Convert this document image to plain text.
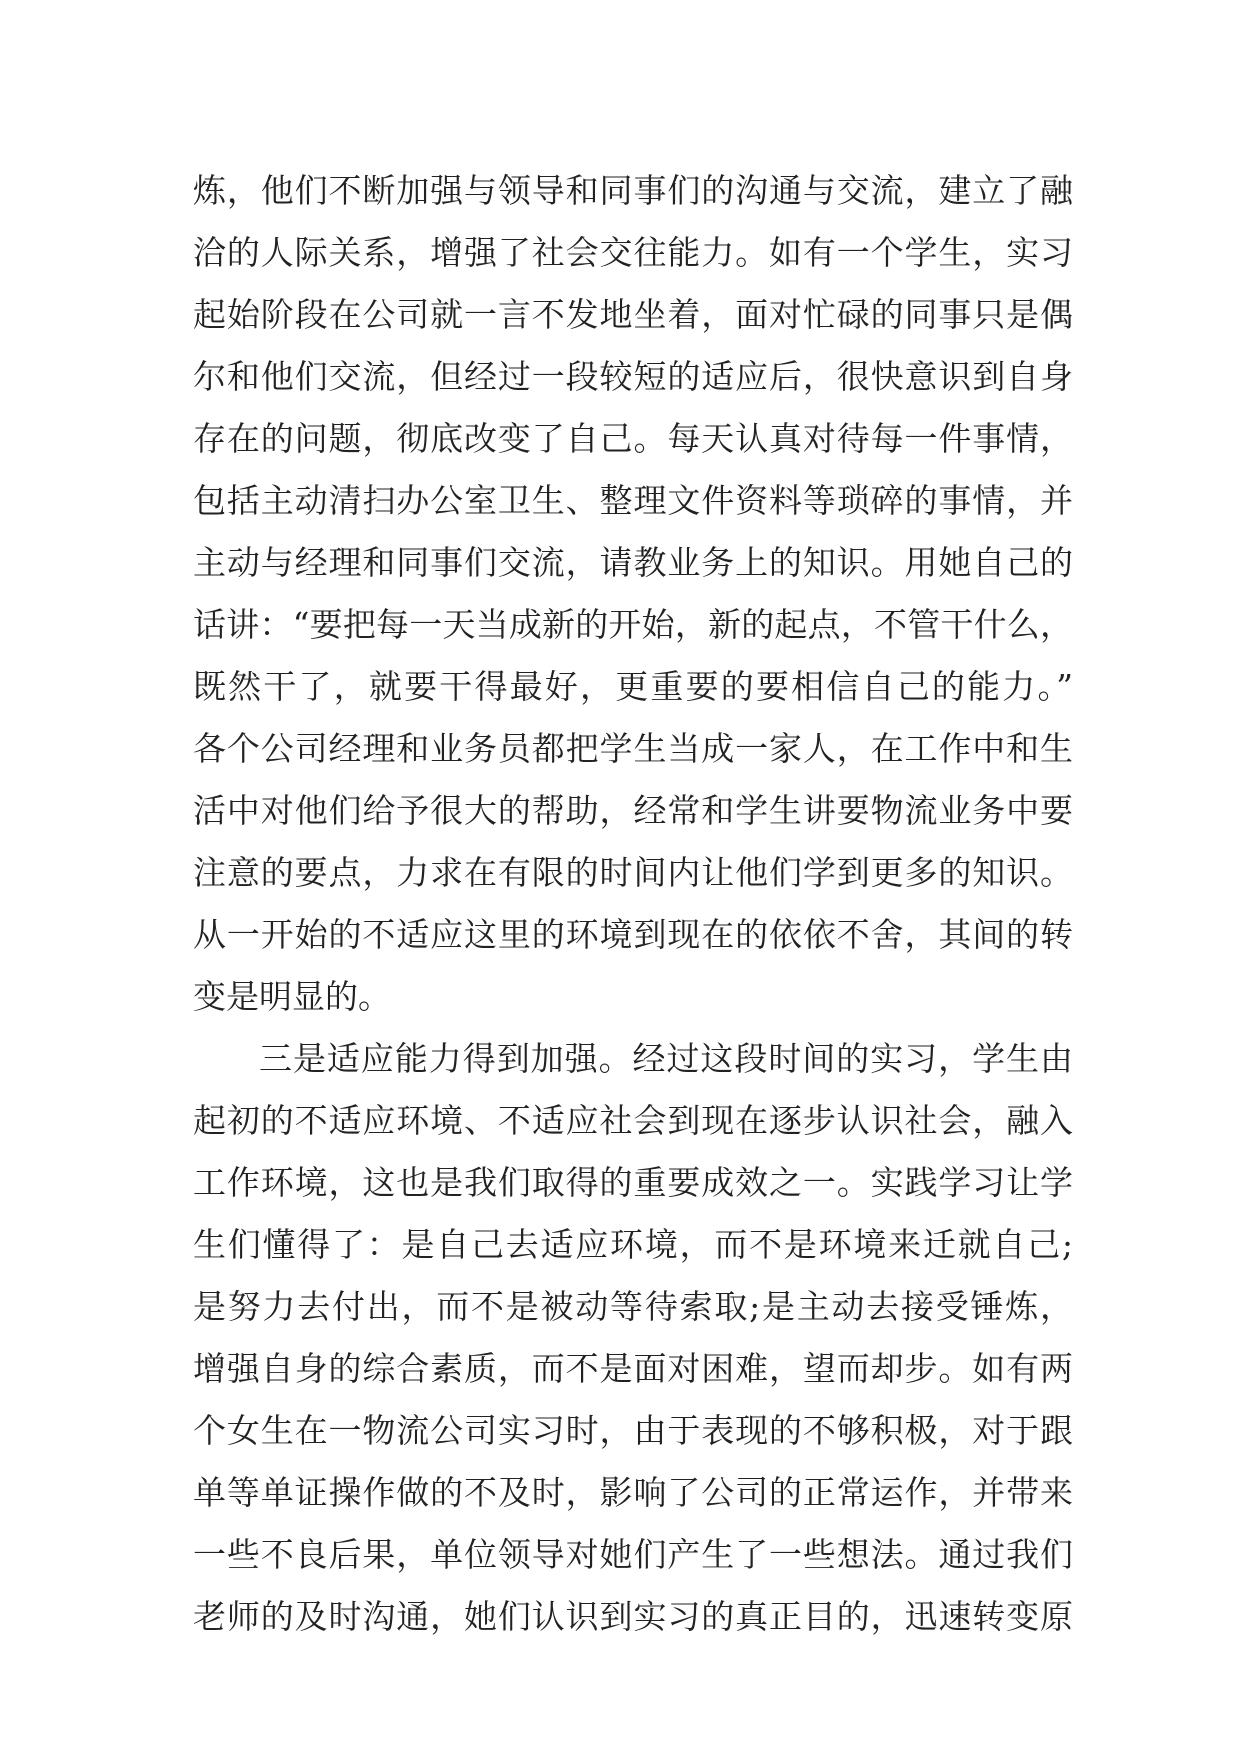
炼，他们不断加强与领导和同事们的沟通与交流，建立了融
洽的人际关系，增强了社会交往能力。如有一个学生，实习
起始阶段在公司就一言不发地坐着，面对忙碌的同事只是偶
尔和他们交流，但经过一段较短的适应后，很快意识到自身
存在的问题，彻底改变了自己。每天认真对待每一件事情，
包括主动清扫办公室卫生、整理文件资料等琐碎的事情，并
主动与经理和同事们交流，请教业务上的知识。用她自己的
话讲：“要把每一天当成新的开始，新的起点，不管干什么，
既然干了，就要干得最好，更重要的要相信自己的能力。”
各个公司经理和业务员都把学生当成一家人，在工作中和生
活中对他们给予很大的帮助，经常和学生讲要物流业务中要
注意的要点，力求在有限的时间内让他们学到更多的知识。
从一开始的不适应这里的环境到现在的依依不舍，其间的转
变是明显的。
三是适应能力得到加强。经过这段时间的实习，学生由
起初的不适应环境、不适应社会到现在逐步认识社会，融入
工作环境，这也是我们取得的重要成效之一。实践学习让学
生们懂得了：是自己去适应环境，而不是环境来迁就自己;
是努力去付出，而不是被动等待索取;是主动去接受锤炼，
增强自身的综合素质，而不是面对困难，望而却步。如有两
个女生在一物流公司实习时，由于表现的不够积极，对于跟
单等单证操作做的不及时，影响了公司的正常运作，并带来
一些不良后果，单位领导对她们产生了一些想法。通过我们
老师的及时沟通，她们认识到实习的真正目的，迅速转变原
